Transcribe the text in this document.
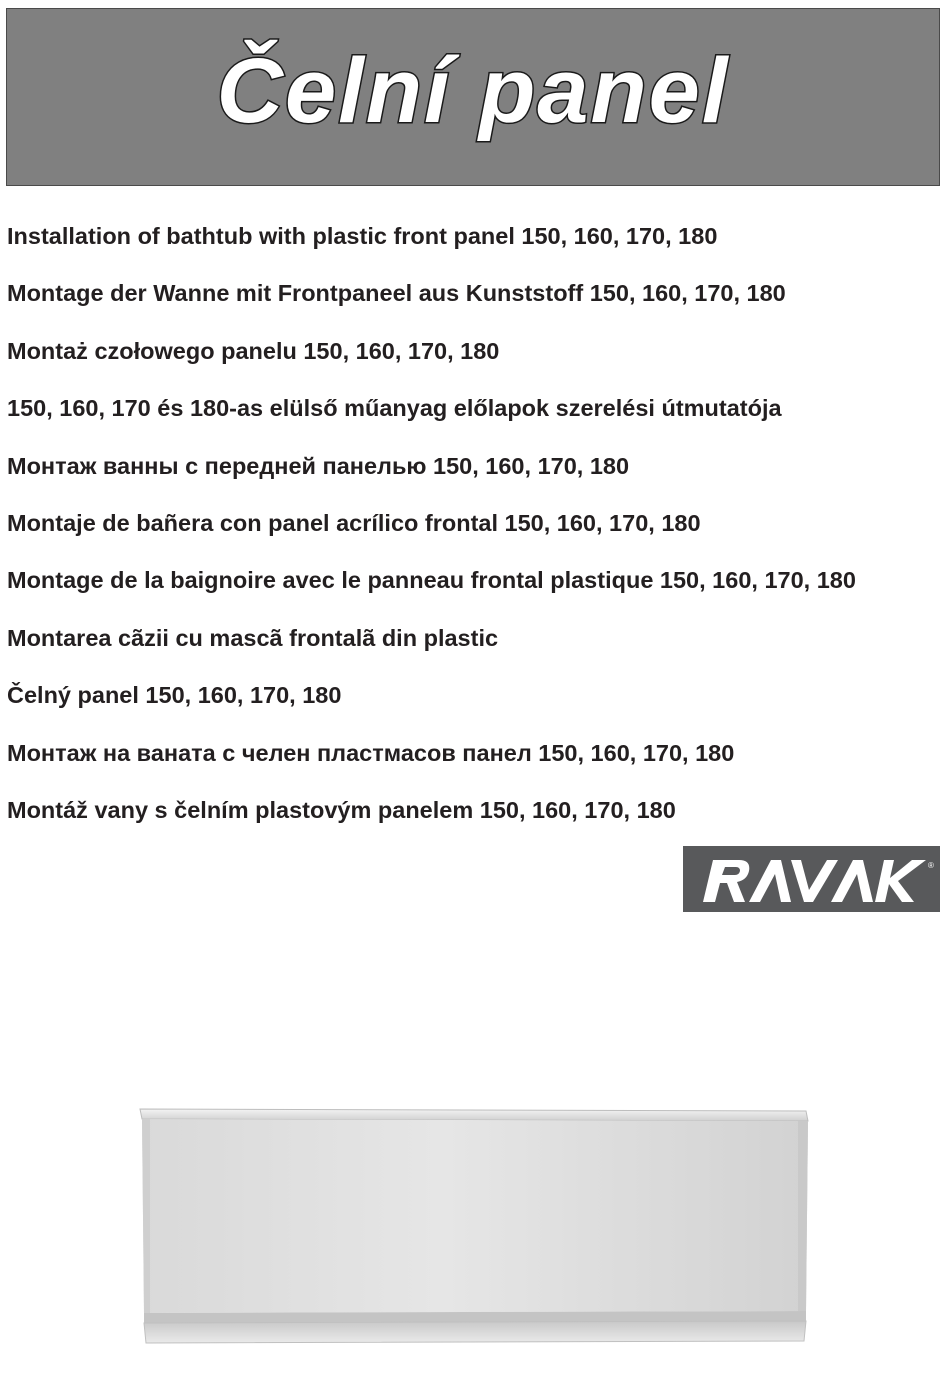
Čelní panel
Installation of bathtub with plastic front panel 150, 160, 170, 180
Montage der Wanne mit Frontpaneel aus Kunststoff 150, 160, 170, 180
Montaż czołowego panelu 150, 160, 170, 180
150, 160, 170 és 180-as elülső műanyag előlapok szerelési útmutatója
Монтаж ванны с передней панелью 150, 160, 170, 180
Montaje de bañera con panel acrílico frontal 150, 160, 170, 180
Montage de la baignoire avec le panneau frontal plastique 150, 160, 170, 180
Montarea cãzii cu mascã frontalã din plastic
Čelný panel 150, 160, 170, 180
Монтаж на ваната с челен пластмасов панел 150, 160, 170, 180
Montáž vany s čelním plastovým panelem 150, 160, 170, 180
®
